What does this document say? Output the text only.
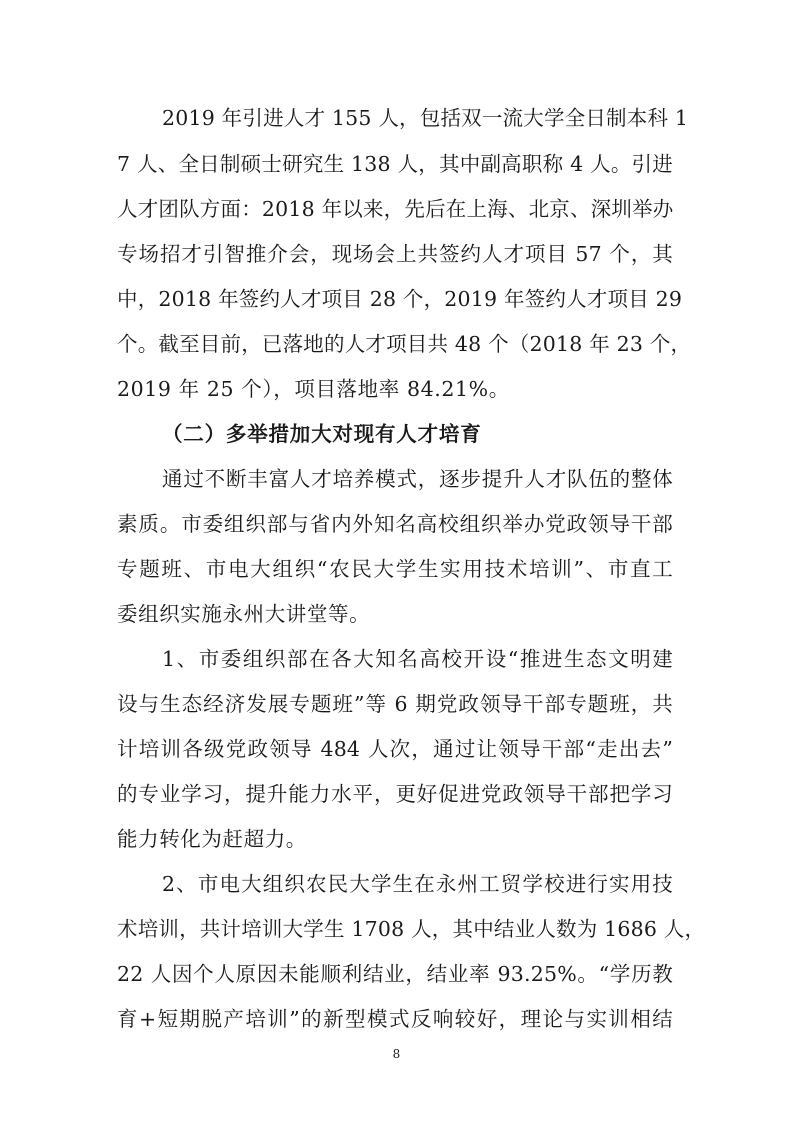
2019 年引进人才 155 人，包括双一流大学全日制本科 1
7 人、全日制硕士研究生 138 人，其中副高职称 4 人。引进
人才团队方面：2018 年以来，先后在上海、北京、深圳举办
专场招才引智推介会，现场会上共签约人才项目 57 个，其
中，2018 年签约人才项目 28 个，2019 年签约人才项目 29
个。截至目前，已落地的人才项目共 48 个（2018 年 23 个，
2019 年 25 个），项目落地率 84.21%。
（二）多举措加大对现有人才培育
通过不断丰富人才培养模式，逐步提升人才队伍的整体
素质。市委组织部与省内外知名高校组织举办党政领导干部
专题班、市电大组织“农民大学生实用技术培训”、市直工
委组织实施永州大讲堂等。
1、市委组织部在各大知名高校开设“推进生态文明建
设与生态经济发展专题班”等 6 期党政领导干部专题班，共
计培训各级党政领导 484 人次，通过让领导干部“走出去”
的专业学习，提升能力水平，更好促进党政领导干部把学习
能力转化为赶超力。
2、市电大组织农民大学生在永州工贸学校进行实用技
术培训，共计培训大学生 1708 人，其中结业人数为 1686 人，
22 人因个人原因未能顺利结业，结业率 93.25%。“学历教
育+短期脱产培训”的新型模式反响较好，理论与实训相结
8
